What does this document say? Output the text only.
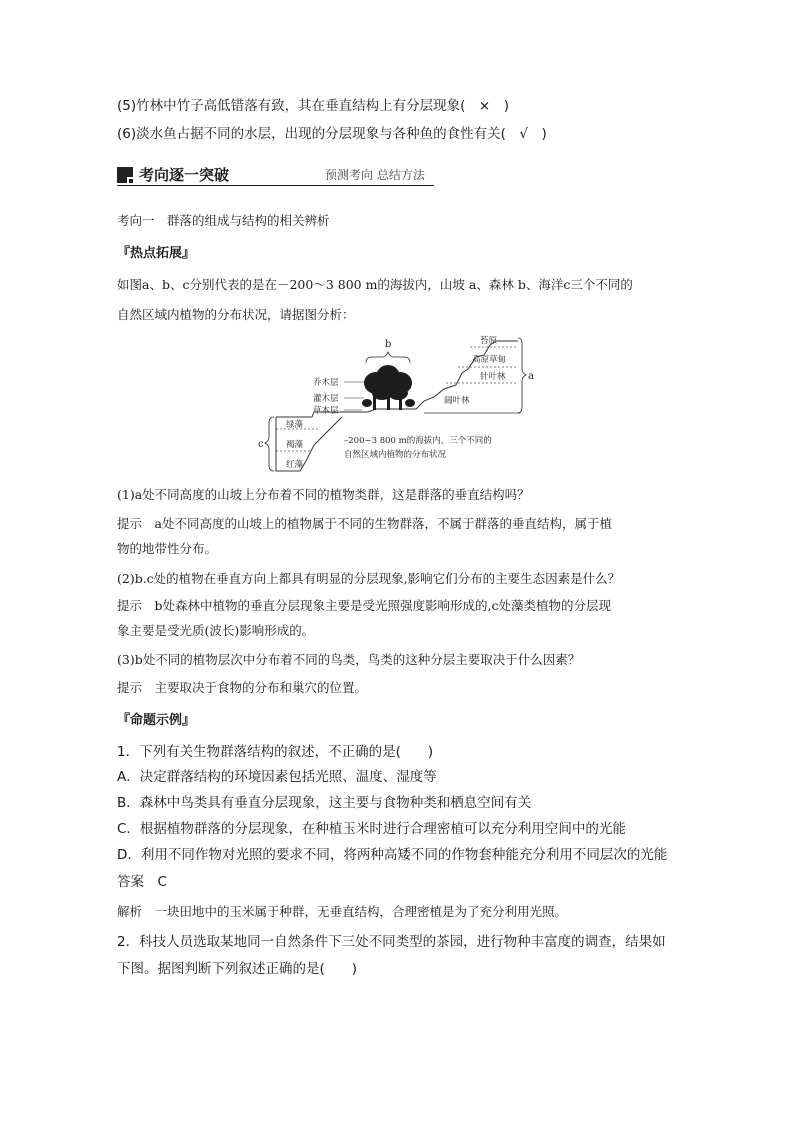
(5)竹林中竹子高低错落有致，其在垂直结构上有分层现象(　×　)
(6)淡水鱼占据不同的水层，出现的分层现象与各种鱼的食性有关(　√　)
考向逐一突破	预测考向 总结方法
考向一　群落的组成与结构的相关辨析
『热点拓展』
如图a、b、c分别代表的是在－200～3 800 m的海拔内，山坡 a、森林 b、海洋c三个不同的
自然区域内植物的分布状况，请据图分析：
b
乔木层
灌木层
草本层
苔原
高原草甸
针叶林
阔叶林
a
绿藻
褐藻
红藻
c	–200~3 800 m的海拔内，三个不同的
自然区域内植物的分布状况
(1)a处不同高度的山坡上分布着不同的植物类群，这是群落的垂直结构吗？
提示　a处不同高度的山坡上的植物属于不同的生物群落，不属于群落的垂直结构，属于植
物的地带性分布。
(2)b.c处的植物在垂直方向上都具有明显的分层现象,影响它们分布的主要生态因素是什么？
提示　b处森林中植物的垂直分层现象主要是受光照强度影响形成的,c处藻类植物的分层现
象主要是受光质(波长)影响形成的。
(3)b处不同的植物层次中分布着不同的鸟类，鸟类的这种分层主要取决于什么因素？
提示　主要取决于食物的分布和巢穴的位置。
『命题示例』
1．下列有关生物群落结构的叙述，不正确的是(　　)
A．决定群落结构的环境因素包括光照、温度、湿度等
B．森林中鸟类具有垂直分层现象，这主要与食物种类和栖息空间有关
C．根据植物群落的分层现象，在种植玉米时进行合理密植可以充分利用空间中的光能
D．利用不同作物对光照的要求不同，将两种高矮不同的作物套种能充分利用不同层次的光能
答案　C
解析　一块田地中的玉米属于种群，无垂直结构，合理密植是为了充分利用光照。
2．科技人员选取某地同一自然条件下三处不同类型的茶园，进行物种丰富度的调查，结果如
下图。据图判断下列叙述正确的是(　　)
